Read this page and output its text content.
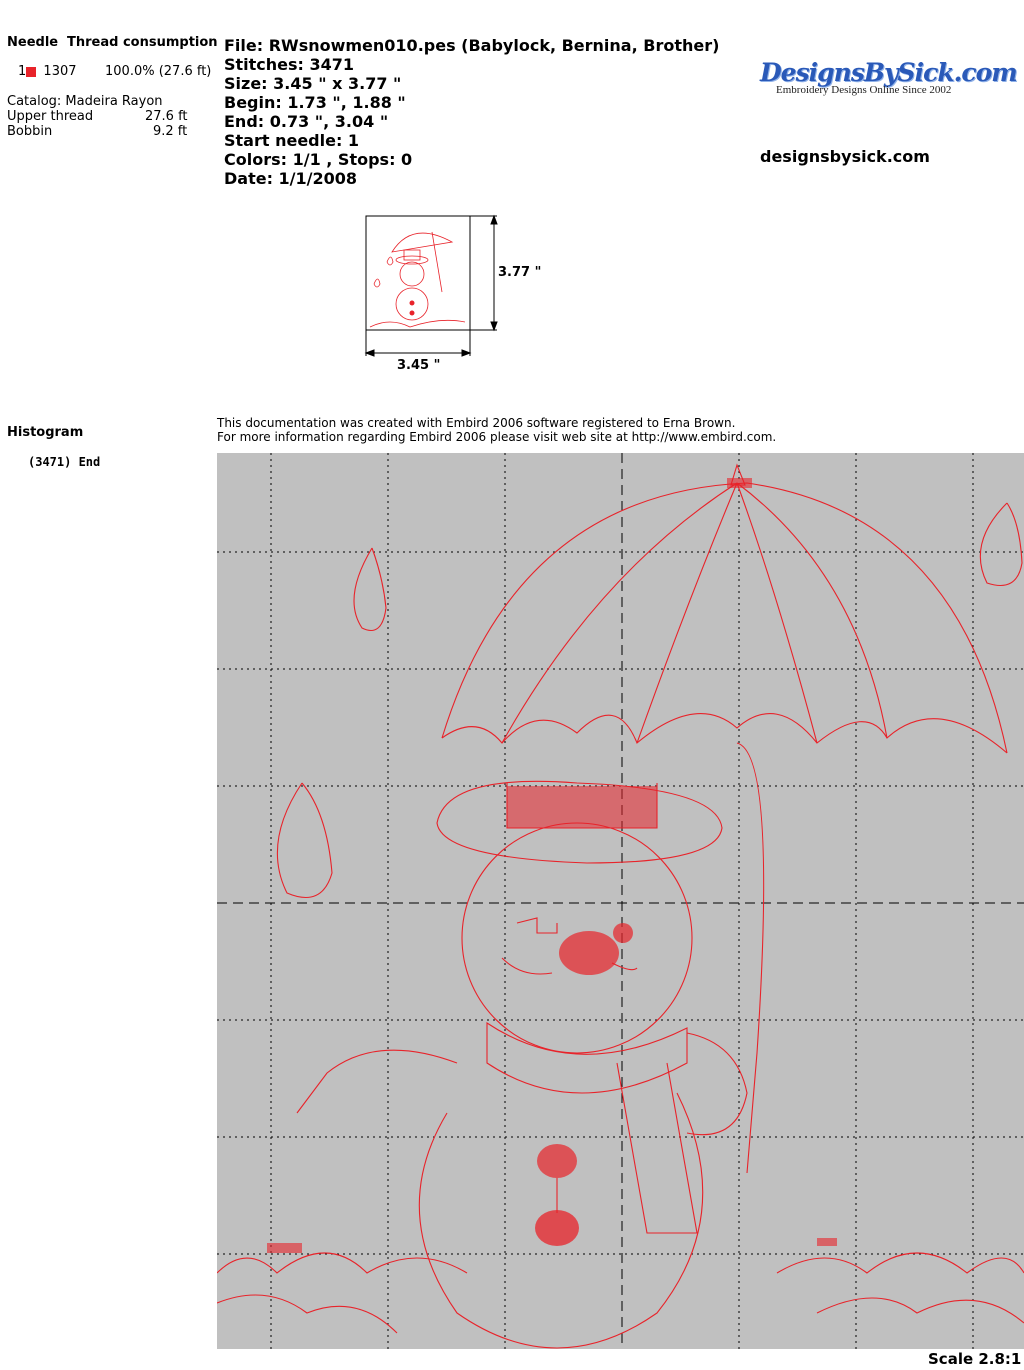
Needle Thread consumption
1 1307 100.0% (27.6 ft)
Catalog: Madeira Rayon
Upper thread	27.6 ft
Bobbin	9.2 ft
File: RWsnowmen010.pes (Babylock, Bernina, Brother)
Stitches: 3471
Size: 3.45 " x 3.77 "
Begin: 1.73 ", 1.88 "
End: 0.73 ", 3.04 "
Start needle: 1
Colors: 1/1 , Stops: 0
Date: 1/1/2008
DesignsBySick.com
Embroidery Designs Online Since 2002
designsbysick.com
3.77 "
3.45 "
Histogram
(3471) End
This documentation was created with Embird 2006 software registered to Erna Brown.
For more information regarding Embird 2006 please visit web site at http://www.embird.com.
Scale 2.8:1
